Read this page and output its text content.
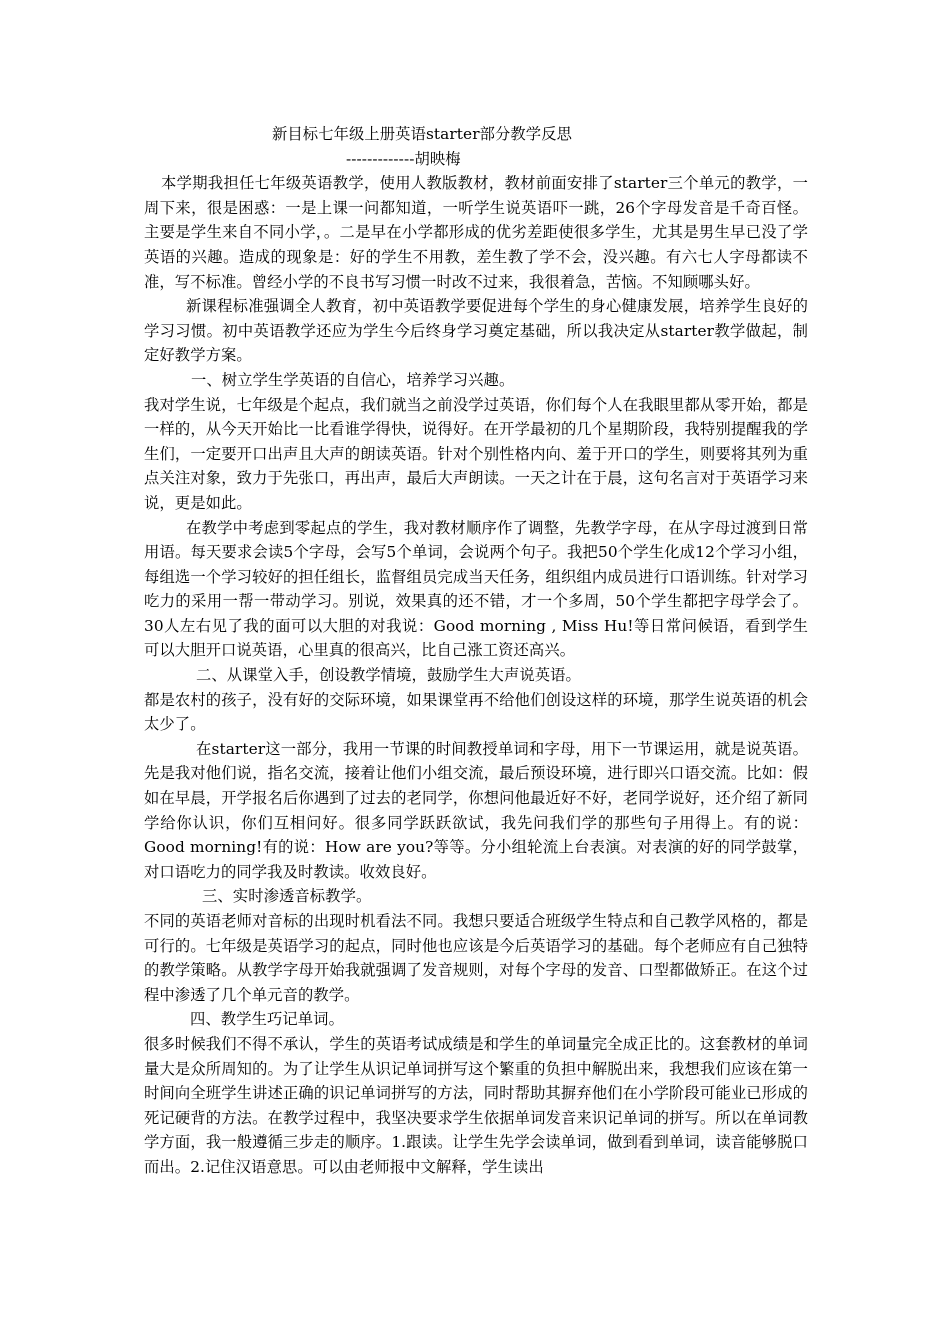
新目标七年级上册英语starter部分教学反思
-------------胡映梅

本学期我担任七年级英语教学，使用人教版教材，教材前面安排了starter三个单元的教学，一周下来，很是困惑：一是上课一问都知道，一听学生说英语吓一跳，26个字母发音是千奇百怪。主要是学生来自不同小学，。二是早在小学都形成的优劣差距使很多学生，尤其是男生早已没了学英语的兴趣。造成的现象是：好的学生不用教，差生教了学不会，没兴趣。有六七人字母都读不准，写不标准。曾经小学的不良书写习惯一时改不过来，我很着急，苦恼。不知顾哪头好。

新课程标准强调全人教育，初中英语教学要促进每个学生的身心健康发展，培养学生良好的学习习惯。初中英语教学还应为学生今后终身学习奠定基础，所以我决定从starter教学做起，制定好教学方案。

一、树立学生学英语的自信心，培养学习兴趣。

我对学生说，七年级是个起点，我们就当之前没学过英语，你们每个人在我眼里都从零开始，都是一样的，从今天开始比一比看谁学得快，说得好。在开学最初的几个星期阶段，我特别提醒我的学生们，一定要开口出声且大声的朗读英语。针对个别性格内向、羞于开口的学生，则要将其列为重点关注对象，致力于先张口，再出声，最后大声朗读。一天之计在于晨，这句名言对于英语学习来说，更是如此。

在教学中考虑到零起点的学生，我对教材顺序作了调整，先教学字母，在从字母过渡到日常用语。每天要求会读5个字母，会写5个单词，会说两个句子。我把50个学生化成12个学习小组，每组选一个学习较好的担任组长，监督组员完成当天任务，组织组内成员进行口语训练。针对学习吃力的采用一帮一带动学习。别说，效果真的还不错，才一个多周，50个学生都把字母学会了。30人左右见了我的面可以大胆的对我说：Good morning , Miss Hu!等日常问候语，看到学生可以大胆开口说英语，心里真的很高兴，比自己涨工资还高兴。

二、从课堂入手，创设教学情境，鼓励学生大声说英语。

都是农村的孩子，没有好的交际环境，如果课堂再不给他们创设这样的环境，那学生说英语的机会太少了。

在starter这一部分，我用一节课的时间教授单词和字母，用下一节课运用，就是说英语。先是我对他们说，指名交流，接着让他们小组交流，最后预设环境，进行即兴口语交流。比如：假如在早晨，开学报名后你遇到了过去的老同学，你想问他最近好不好，老同学说好，还介绍了新同学给你认识，你们互相问好。很多同学跃跃欲试，我先问我们学的那些句子用得上。有的说：Good morning!有的说：How are you?等等。分小组轮流上台表演。对表演的好的同学鼓掌，对口语吃力的同学我及时教读。收效良好。

三、实时渗透音标教学。

不同的英语老师对音标的出现时机看法不同。我想只要适合班级学生特点和自己教学风格的，都是可行的。七年级是英语学习的起点，同时他也应该是今后英语学习的基础。每个老师应有自己独特的教学策略。从教学字母开始我就强调了发音规则，对每个字母的发音、口型都做矫正。在这个过程中渗透了几个单元音的教学。

四、教学生巧记单词。

很多时候我们不得不承认，学生的英语考试成绩是和学生的单词量完全成正比的。这套教材的单词量大是众所周知的。为了让学生从识记单词拼写这个繁重的负担中解脱出来，我想我们应该在第一时间向全班学生讲述正确的识记单词拼写的方法，同时帮助其摒弃他们在小学阶段可能业已形成的死记硬背的方法。在教学过程中，我坚决要求学生依据单词发音来识记单词的拼写。所以在单词教学方面，我一般遵循三步走的顺序。1.跟读。让学生先学会读单词，做到看到单词，读音能够脱口而出。2.记住汉语意思。可以由老师报中文解释，学生读出
